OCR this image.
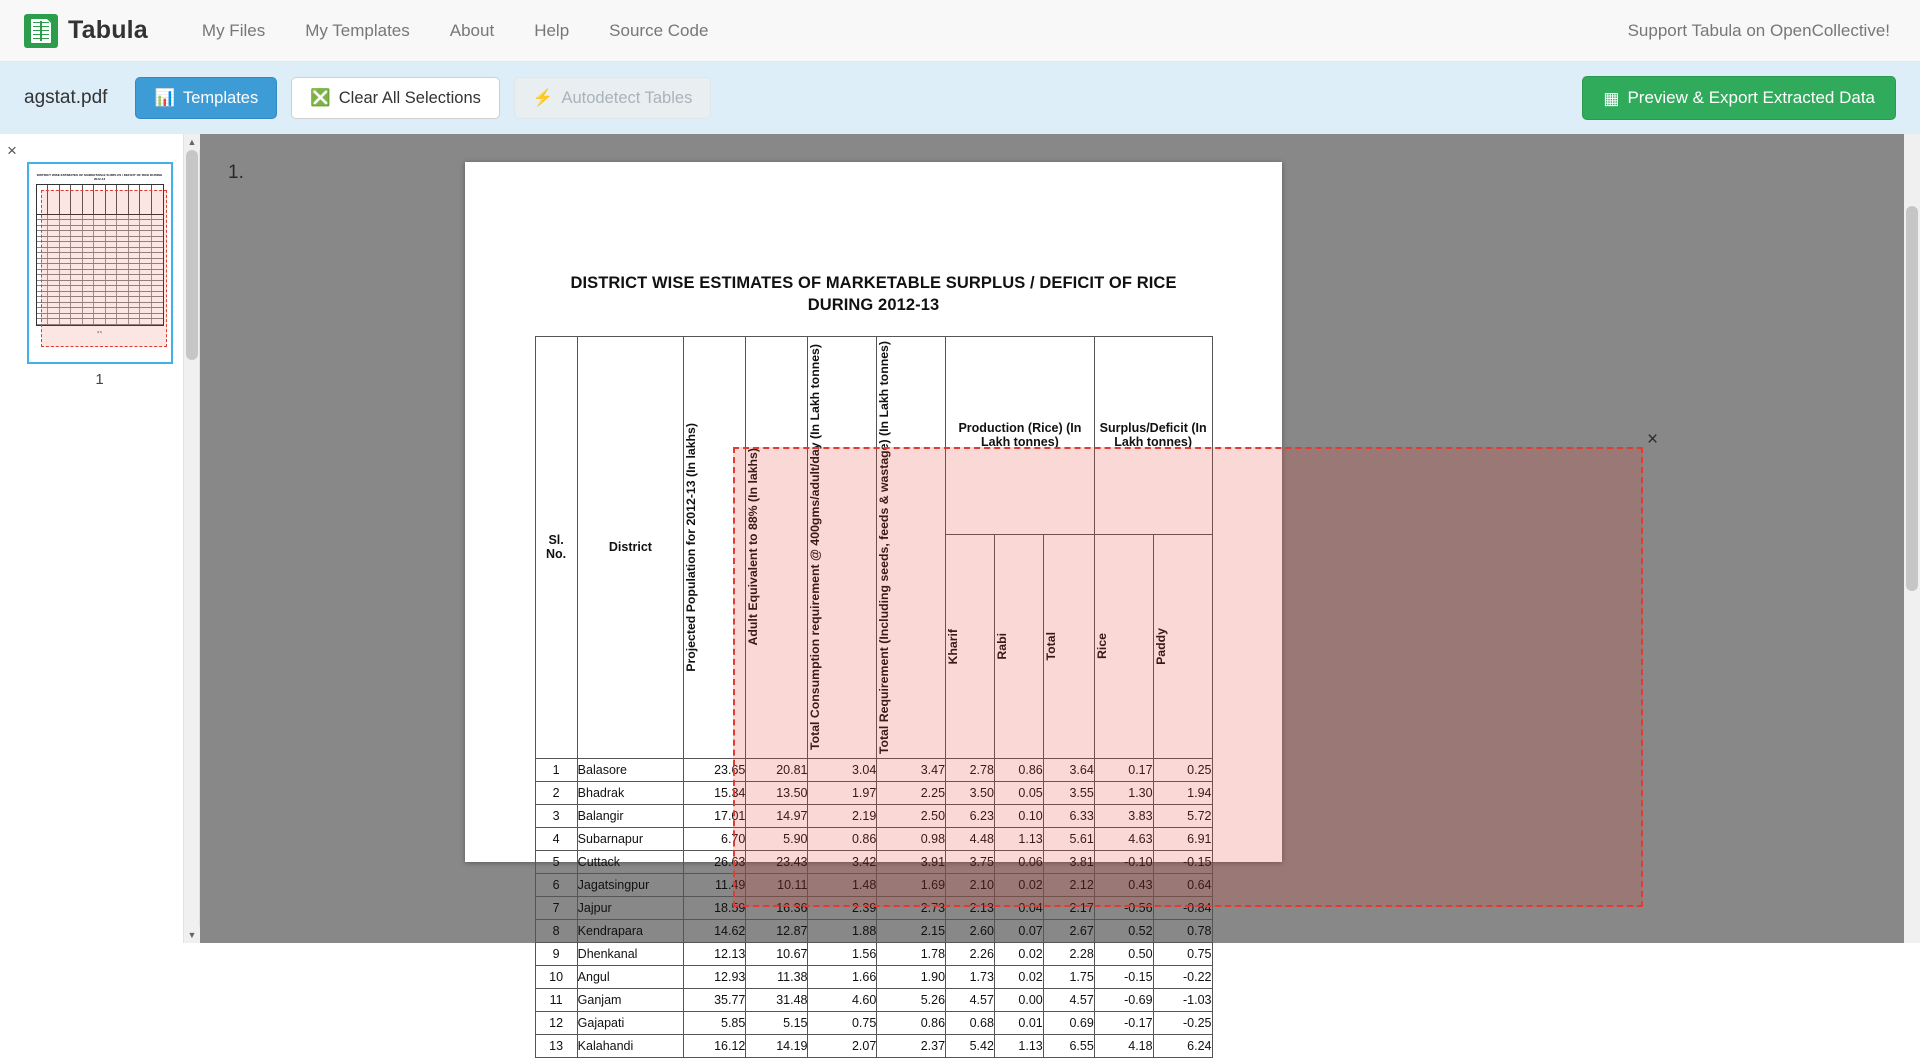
Tabula	My Files	My Templates	About	Help	Source Code	Support Tabula on OpenCollective!
agstat.pdf	📊 Templates	❎ Clear All Selections	⚡ Autodetect Tables	▦ Preview & Export Extracted Data
×
DISTRICT WISE ESTIMATES OF MARKETABLE SURPLUS / DEFICIT OF RICE DURING 2012-13
(17)
1
▲
▼
1.
DISTRICT WISE ESTIMATES OF MARKETABLE SURPLUS / DEFICIT OF RICE
DURING 2012-13
Sl.
No.	District	Projected Population for 2012-13 (In lakhs)	Adult Equivalent to 88% (In lakhs)	Total Consumption requirement @ 400gms/adult/day (In Lakh tonnes)	Total Requirement (Including seeds, feeds & wastage) (In Lakh tonnes)	Production (Rice) (In Lakh tonnes)			Surplus/Deficit (In Lakh tonnes)	

						Kharif	Rabi	Total	Rice	Paddy

1	Balasore	23.65	20.81	3.04	3.47	2.78	0.86	3.64	0.17	0.25
2	Bhadrak	15.34	13.50	1.97	2.25	3.50	0.05	3.55	1.30	1.94
3	Balangir	17.01	14.97	2.19	2.50	6.23	0.10	6.33	3.83	5.72
4	Subarnapur	6.70	5.90	0.86	0.98	4.48	1.13	5.61	4.63	6.91
5	Cuttack	26.63	23.43	3.42	3.91	3.75	0.06	3.81	-0.10	-0.15
6	Jagatsingpur	11.49	10.11	1.48	1.69	2.10	0.02	2.12	0.43	0.64
7	Jajpur	18.59	16.36	2.39	2.73	2.13	0.04	2.17	-0.56	-0.84
8	Kendrapara	14.62	12.87	1.88	2.15	2.60	0.07	2.67	0.52	0.78
9	Dhenkanal	12.13	10.67	1.56	1.78	2.26	0.02	2.28	0.50	0.75
10	Angul	12.93	11.38	1.66	1.90	1.73	0.02	1.75	-0.15	-0.22
11	Ganjam	35.77	31.48	4.60	5.26	4.57	0.00	4.57	-0.69	-1.03
12	Gajapati	5.85	5.15	0.75	0.86	0.68	0.01	0.69	-0.17	-0.25
13	Kalahandi	16.12	14.19	2.07	2.37	5.42	1.13	6.55	4.18	6.24
×
